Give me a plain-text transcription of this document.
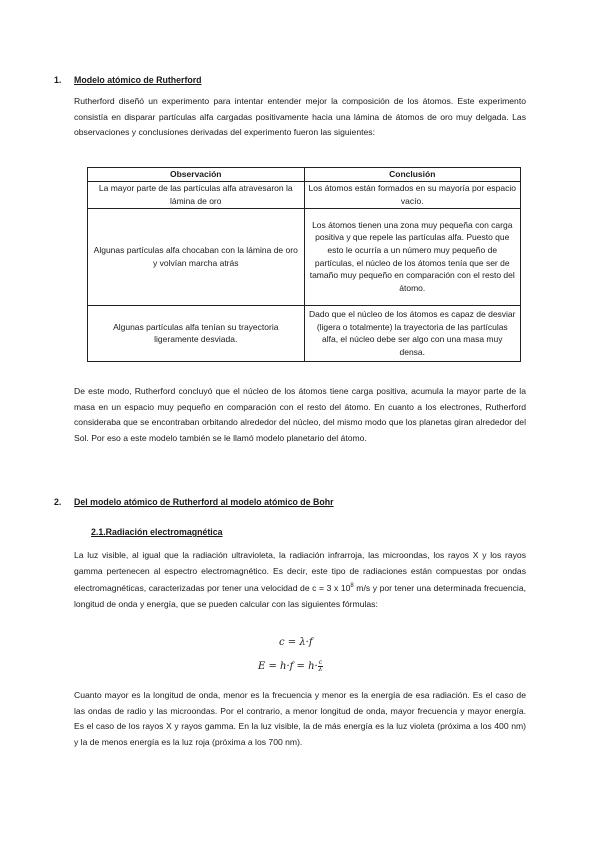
1. Modelo atómico de Rutherford

Rutherford diseñó un experimento para intentar entender mejor la composición de los átomos. Este experimento consistía en disparar partículas alfa cargadas positivamente hacia una lámina de átomos de oro muy delgada. Las observaciones y conclusiones derivadas del experimento fueron las siguientes:

Observación	Conclusión
La mayor parte de las partículas alfa atravesaron la lámina de oro	Los átomos están formados en su mayoría por espacio vacío.
Algunas partículas alfa chocaban con la lámina de oro y volvían marcha atrás	Los átomos tienen una zona muy pequeña con carga positiva y que repele las partículas alfa. Puesto que esto le ocurría a un número muy pequeño de partículas, el núcleo de los átomos tenía que ser de tamaño muy pequeño en comparación con el resto del átomo.
Algunas partículas alfa tenían su trayectoria ligeramente desviada.	Dado que el núcleo de los átomos es capaz de desviar (ligera o totalmente) la trayectoria de las partículas alfa, el núcleo debe ser algo con una masa muy densa.

De este modo, Rutherford concluyó que el núcleo de los átomos tiene carga positiva, acumula la mayor parte de la masa en un espacio muy pequeño en comparación con el resto del átomo. En cuanto a los electrones, Rutherford consideraba que se encontraban orbitando alrededor del núcleo, del mismo modo que los planetas giran alrededor del Sol. Por eso a este modelo también se le llamó modelo planetario del átomo.

2. Del modelo atómico de Rutherford al modelo atómico de Bohr
2.1.Radiación electromagnética

La luz visible, al igual que la radiación ultravioleta, la radiación infrarroja, las microondas, los rayos X y los rayos gamma pertenecen al espectro electromagnético. Es decir, este tipo de radiaciones están compuestas por ondas electromagnéticas, caracterizadas por tener una velocidad de c = 3 x $10^8$ m/s y por tener una determinada frecuencia, longitud de onda y energía, que se pueden calcular con las siguientes fórmulas:

c = λ·f
$E = h\cdot f = h\cdot \frac{c}{\lambda}$

Cuanto mayor es la longitud de onda, menor es la frecuencia y menor es la energía de esa radiación. Es el caso de las ondas de radio y las microondas. Por el contrario, a menor longitud de onda, mayor frecuencia y mayor energía. Es el caso de los rayos X y rayos gamma. En la luz visible, la de más energía es la luz violeta (próxima a los 400 nm) y la de menos energía es la luz roja (próxima a los 700 nm).
